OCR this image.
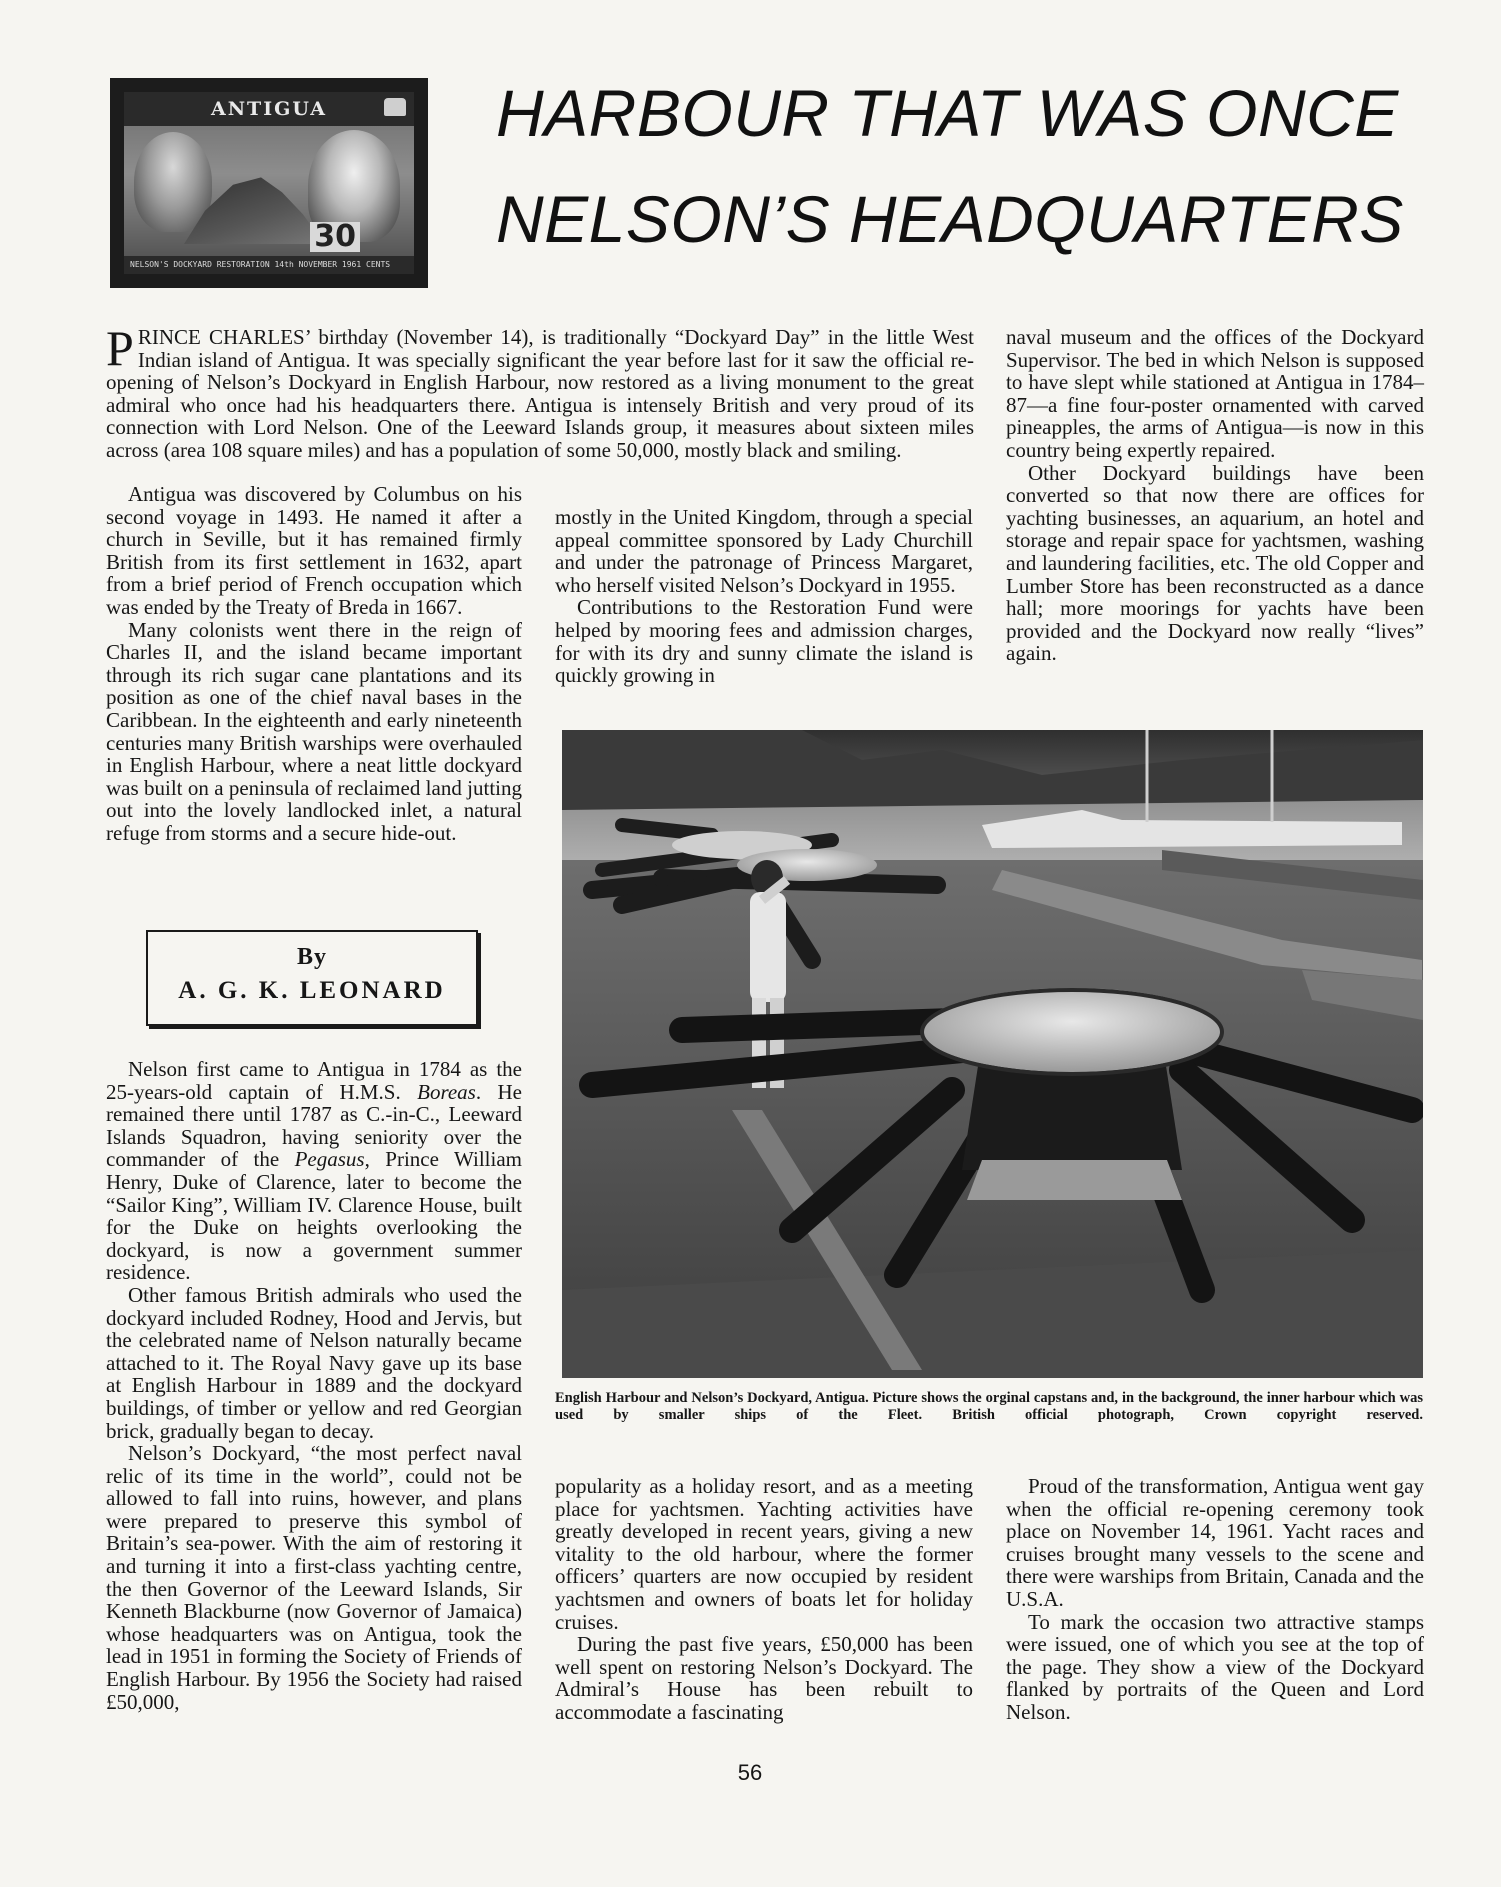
ANTIGUA
30
NELSON'S DOCKYARD RESTORATION 14th NOVEMBER 1961 CENTS
HARBOUR THAT WAS ONCE
NELSON’S HEADQUARTERS

PRINCE CHARLES’ birthday (November 14), is traditionally “Dockyard Day” in the little West Indian island of Antigua. It was specially significant the year before last for it saw the official re-opening of Nelson’s Dockyard in English Harbour, now restored as a living monument to the great admiral who once had his headquarters there. Antigua is intensely British and very proud of its connection with Lord Nelson. One of the Leeward Islands group, it measures about sixteen miles across (area 108 square miles) and has a population of some 50,000, mostly black and smiling.

Antigua was discovered by Columbus on his second voyage in 1493. He named it after a church in Seville, but it has remained firmly British from its first settlement in 1632, apart from a brief period of French occupation which was ended by the Treaty of Breda in 1667.

Many colonists went there in the reign of Charles II, and the island became important through its rich sugar cane plantations and its position as one of the chief naval bases in the Caribbean. In the eighteenth and early nineteenth centuries many British warships were overhauled in English Harbour, where a neat little dockyard was built on a peninsula of reclaimed land jutting out into the lovely landlocked inlet, a natural refuge from storms and a secure hide-out.

By
A. G. K. LEONARD

Nelson first came to Antigua in 1784 as the 25-years-old captain of H.M.S. Boreas. He remained there until 1787 as C.-in-C., Leeward Islands Squadron, having seniority over the commander of the Pegasus, Prince William Henry, Duke of Clarence, later to become the “Sailor King”, William IV. Clarence House, built for the Duke on heights overlooking the dockyard, is now a government summer residence.

Other famous British admirals who used the dockyard included Rodney, Hood and Jervis, but the celebrated name of Nelson naturally became attached to it. The Royal Navy gave up its base at English Harbour in 1889 and the dockyard buildings, of timber or yellow and red Georgian brick, gradually began to decay.

Nelson’s Dockyard, “the most perfect naval relic of its time in the world”, could not be allowed to fall into ruins, however, and plans were prepared to preserve this symbol of Britain’s sea-power. With the aim of restoring it and turning it into a first-class yachting centre, the then Governor of the Leeward Islands, Sir Kenneth Blackburne (now Governor of Jamaica) whose headquarters was on Antigua, took the lead in 1951 in forming the Society of Friends of English Harbour. By 1956 the Society had raised £50,000,

mostly in the United Kingdom, through a special appeal committee sponsored by Lady Churchill and under the patronage of Princess Margaret, who herself visited Nelson’s Dockyard in 1955.

Contributions to the Restoration Fund were helped by mooring fees and admission charges, for with its dry and sunny climate the island is quickly growing in

naval museum and the offices of the Dockyard Supervisor. The bed in which Nelson is supposed to have slept while stationed at Antigua in 1784–87—a fine four-poster ornamented with carved pineapples, the arms of Antigua—is now in this country being expertly repaired.

Other Dockyard buildings have been converted so that now there are offices for yachting businesses, an aquarium, an hotel and storage and repair space for yachtsmen, washing and laundering facilities, etc. The old Copper and Lumber Store has been reconstructed as a dance hall; more moorings for yachts have been provided and the Dockyard now really “lives” again.

English Harbour and Nelson’s Dockyard, Antigua. Picture shows the orginal capstans and, in the background, the inner harbour which was used by smaller ships of the Fleet. British official photograph, Crown copyright reserved.

popularity as a holiday resort, and as a meeting place for yachtsmen. Yachting activities have greatly developed in recent years, giving a new vitality to the old harbour, where the former officers’ quarters are now occupied by resident yachtsmen and owners of boats let for holiday cruises.

During the past five years, £50,000 has been well spent on restoring Nelson’s Dockyard. The Admiral’s House has been rebuilt to accommodate a fascinating

Proud of the transformation, Antigua went gay when the official re-opening ceremony took place on November 14, 1961. Yacht races and cruises brought many vessels to the scene and there were warships from Britain, Canada and the U.S.A.

To mark the occasion two attractive stamps were issued, one of which you see at the top of the page. They show a view of the Dockyard flanked by portraits of the Queen and Lord Nelson.

56
